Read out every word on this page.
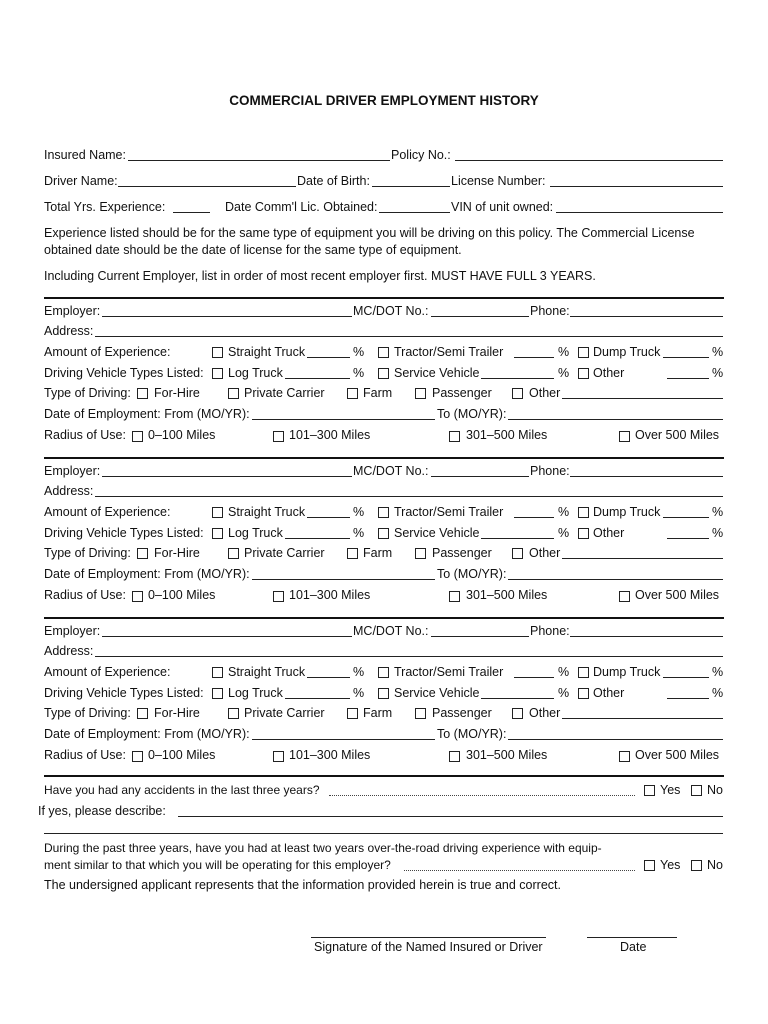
COMMERCIAL DRIVER EMPLOYMENT HISTORY
Insured Name:	Policy No.:
Driver Name:	Date of Birth:	License Number:
Total Yrs. Experience:	Date Comm'l Lic. Obtained:	VIN of unit owned:
Experience listed should be for the same type of equipment you will be driving on this policy. The Commercial License obtained date should be the date of license for the same type of equipment.
Including Current Employer, list in order of most recent employer first. MUST HAVE FULL 3 YEARS.
Employer:	MC/DOT No.:	Phone:
Address:
Amount of Experience:	Straight Truck	% Tractor/Semi Trailer	% Dump Truck	%
Driving Vehicle Types Listed: Log Truck	% Service Vehicle	% Other	%
Type of Driving: For-Hire	Private Carrier	Farm	Passenger	Other
Date of Employment: From (MO/YR):	To (MO/YR):
Radius of Use: 0–100 Miles	101–300 Miles	301–500 Miles	Over 500 Miles
Employer:	MC/DOT No.:	Phone:
Address:
Amount of Experience:	Straight Truck	% Tractor/Semi Trailer	% Dump Truck	%
Driving Vehicle Types Listed: Log Truck	% Service Vehicle	% Other	%
Type of Driving: For-Hire	Private Carrier	Farm	Passenger	Other
Date of Employment: From (MO/YR):	To (MO/YR):
Radius of Use: 0–100 Miles	101–300 Miles	301–500 Miles	Over 500 Miles
Employer:	MC/DOT No.:	Phone:
Address:
Amount of Experience:	Straight Truck	% Tractor/Semi Trailer	% Dump Truck	%
Driving Vehicle Types Listed: Log Truck	% Service Vehicle	% Other	%
Type of Driving: For-Hire	Private Carrier	Farm	Passenger	Other
Date of Employment: From (MO/YR):	To (MO/YR):
Radius of Use: 0–100 Miles	101–300 Miles	301–500 Miles	Over 500 Miles
Have you had any accidents in the last three years?	Yes No
If yes, please describe:
During the past three years, have you had at least two years over-the-road driving experience with equip-
ment similar to that which you will be operating for this employer?	Yes No
The undersigned applicant represents that the information provided herein is true and correct.
Signature of the Named Insured or Driver	Date
